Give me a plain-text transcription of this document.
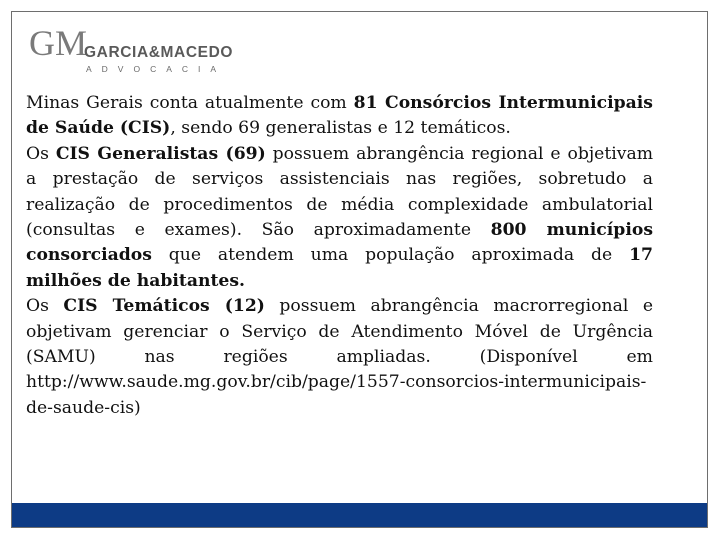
GM
GARCIA&MACEDO
ADVOCACIA

Minas Gerais conta atualmente com 81 Consórcios Intermunicipais de Saúde (CIS), sendo 69 generalistas e 12 temáticos.

Os CIS Generalistas (69) possuem abrangência regional e objetivam a prestação de serviços assistenciais nas regiões, sobretudo a realização de procedimentos de média complexidade ambulatorial (consultas e exames). São aproximadamente 800 municípios consorciados que atendem uma população aproximada de 17 milhões de habitantes.

Os CIS Temáticos (12) possuem abrangência macrorregional e objetivam gerenciar o Serviço de Atendimento Móvel de Urgência (SAMU) nas regiões ampliadas. (Disponível em http://www.saude.mg.gov.br/cib/page/1557-consorcios-intermunicipais-de-saude-cis)
